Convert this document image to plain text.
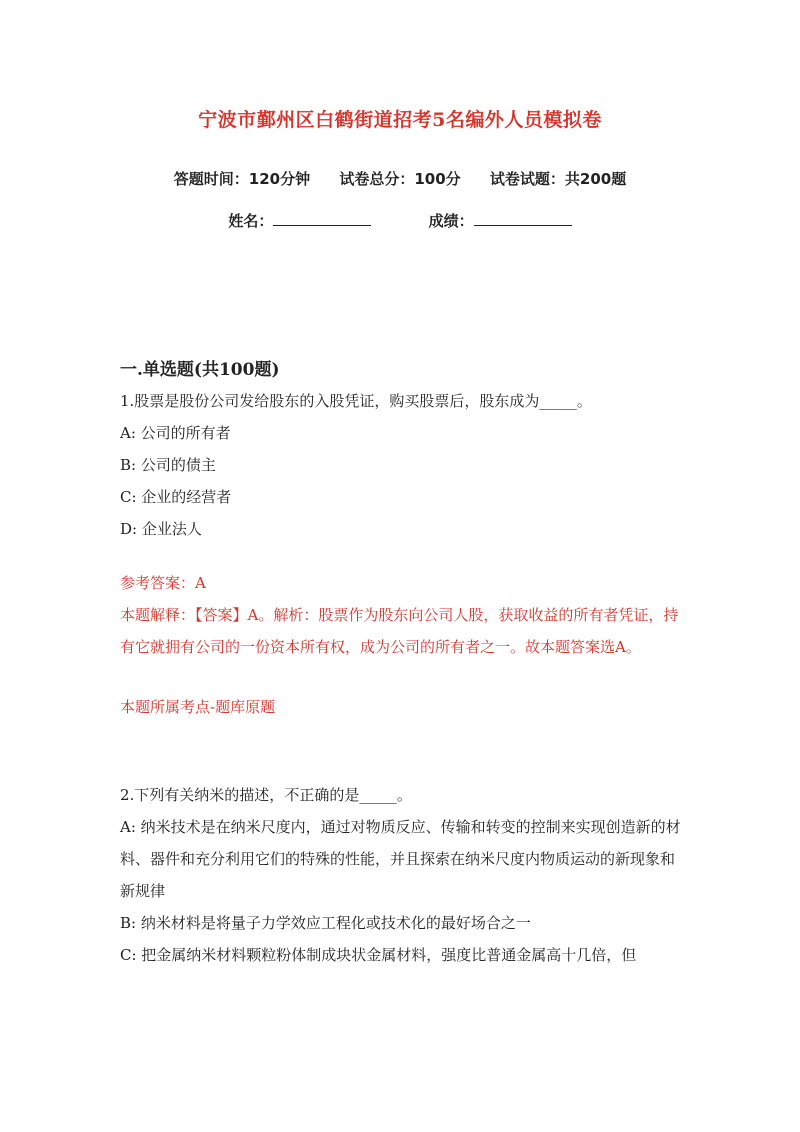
宁波市鄞州区白鹤街道招考5名编外人员模拟卷
答题时间：120分钟 试卷总分：100分 试卷试题：共200题
姓名：	成绩：
一.单选题(共100题)

1.股票是股份公司发给股东的入股凭证，购买股票后，股东成为_____。

A: 公司的所有者

B: 公司的债主

C: 企业的经营者

D: 企业法人

参考答案：A

本题解释：【答案】A。解析：股票作为股东向公司人股，获取收益的所有者凭证，持有它就拥有公司的一份资本所有权，成为公司的所有者之一。故本题答案选A。

本题所属考点-题库原题

2.下列有关纳米的描述，不正确的是_____。

A: 纳米技术是在纳米尺度内，通过对物质反应、传输和转变的控制来实现创造新的材料、器件和充分利用它们的特殊的性能，并且探索在纳米尺度内物质运动的新现象和新规律

B: 纳米材料是将量子力学效应工程化或技术化的最好场合之一

C: 把金属纳米材料颗粒粉体制成块状金属材料，强度比普通金属高十几倍，但
